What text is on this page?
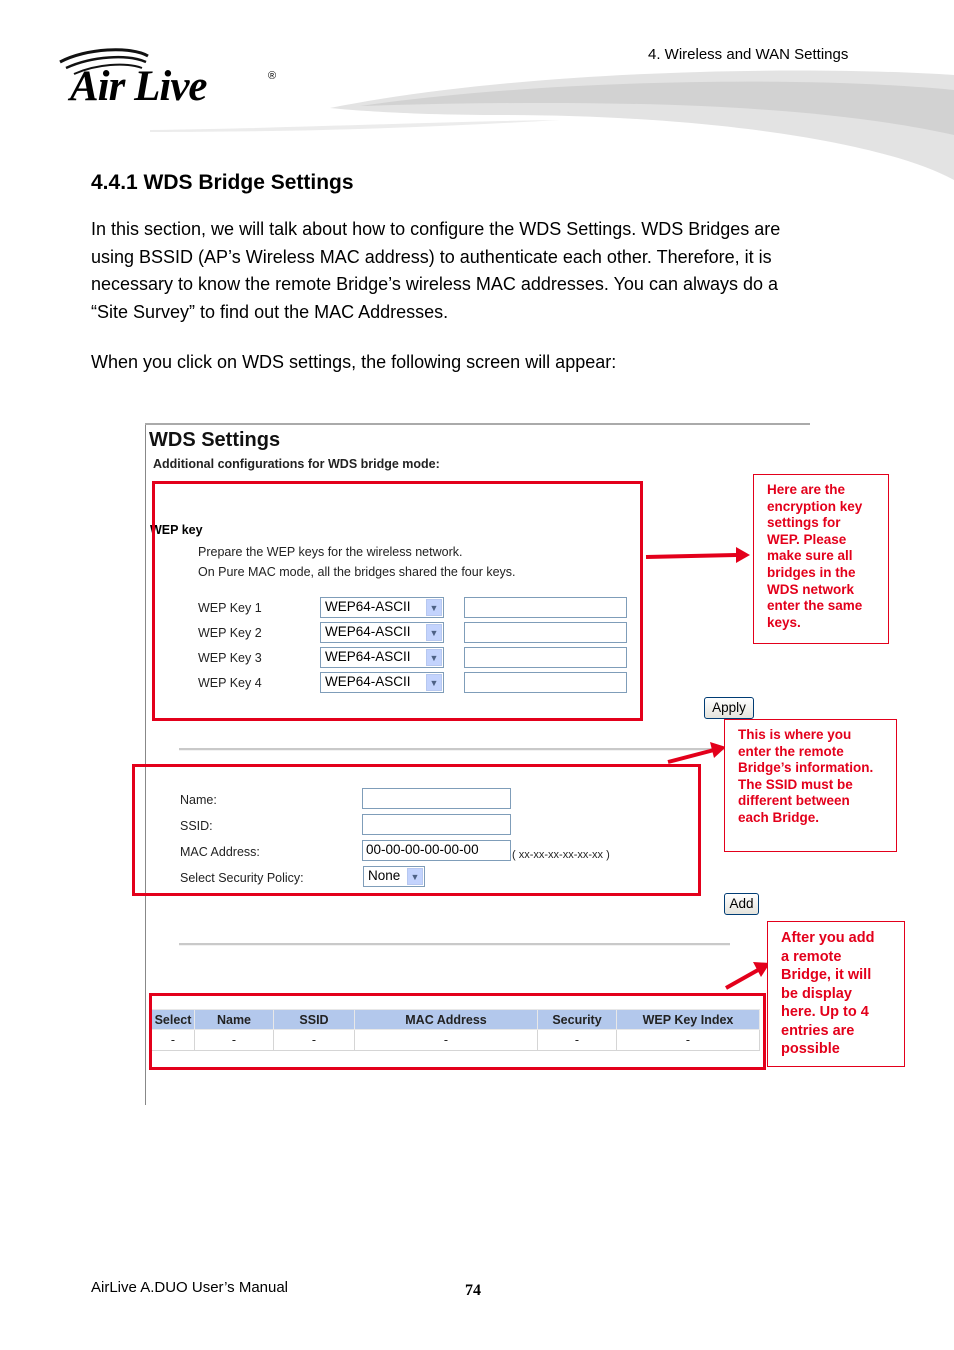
Air Live	®
4. Wireless and WAN Settings
4.4.1 WDS Bridge Settings
In this section, we will talk about how to configure the WDS Settings. WDS Bridges are
using BSSID (AP’s Wireless MAC address) to authenticate each other. Therefore, it is
necessary to know the remote Bridge’s wireless MAC addresses. You can always do a
“Site Survey” to find out the MAC Addresses.
When you click on WDS settings, the following screen will appear:
WDS Settings
Additional configurations for WDS bridge mode:
WEP key
Prepare the WEP keys for the wireless network.
On Pure MAC mode, all the bridges shared the four keys.
WEP Key 1	WEP64-ASCII	▼
WEP Key 2	WEP64-ASCII	▼
WEP Key 3	WEP64-ASCII	▼
WEP Key 4	WEP64-ASCII	▼
Apply
Name:
SSID:
MAC Address:	00-00-00-00-00-00	( xx-xx-xx-xx-xx-xx )
Select Security Policy:	None	▼
Add
Select	Name	SSID	MAC Address	Security	WEP Key Index
-	-	-	-	-	-
Here are the
encryption key
settings for
WEP. Please
make sure all
bridges in the
WDS network
enter the same
keys.
This is where you
enter the remote
Bridge’s information.
The SSID must be
different between
each Bridge.
After you add
a remote
Bridge, it will
be display
here. Up to 4
entries are
possible
AirLive A.DUO User’s Manual	74
